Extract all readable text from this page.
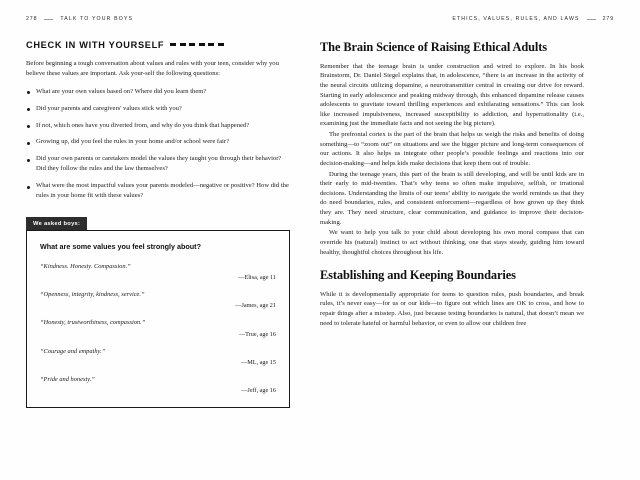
278	TALK TO YOUR BOYS	ETHICS, VALUES, RULES, AND LAWS	279
CHECK IN WITH YOURSELF

Before beginning a tough conversation about values and rules with your teen, consider why you believe these values are important. Ask your-self the following questions:

What are your own values based on? Where did you learn them?
Did your parents and caregivers' values stick with you?
If not, which ones have you diverted from, and why do you think that happened?
Growing up, did you feel the rules in your home and/or school were fair?
Did your own parents or caretakers model the values they taught you through their behavior? Did they follow the rules and the law themselves?
What were the most impactful values your parents modeled—negative or positive? How did the rules in your home fit with these values?
We asked boys:
What are some values you feel strongly about?

“Kindness. Honesty. Compassion.”

—Elisa, age 11

“Openness, integrity, kindness, service.”

—James, age 21

“Honesty, trustworthiness, compassion.”

—True, age 16

“Courage and empathy.”

—ML, age 15

“Pride and honesty.”

—Jeff, age 16

The Brain Science of Raising Ethical Adults

Remember that the teenage brain is under construction and wired to explore. In his book Brainstorm, Dr. Daniel Siegel explains that, in adolescence, “there is an increase in the activity of the neural circuits utilizing dopamine, a neurotransmitter central in creating our drive for reward. Starting in early adolescence and peaking midway through, this enhanced dopamine release causes adolescents to gravitate toward thrilling experiences and exhilarating sensations.” This can look like increased impulsiveness, increased susceptibility to addiction, and hyperrationality (i.e., examining just the immediate facts and not seeing the big picture).

The prefrontal cortex is the part of the brain that helps us weigh the risks and benefits of doing something—to “zoom out” on situations and see the bigger picture and long-term consequences of our actions. It also helps us integrate other people’s possible feelings and reactions into our decision-making—and helps kids make decisions that keep them out of trouble.

During the teenage years, this part of the brain is still developing, and will be until kids are in their early to mid-twenties. That’s why teens so often make impulsive, selfish, or irrational decisions. Understanding the limits of our teens’ ability to navigate the world reminds us that they do need boundaries, rules, and consistent enforcement—regardless of how grown up they think they are. They need structure, clear communication, and guidance to improve their decision-making.

We want to help you talk to your child about developing his own moral compass that can override his (natural) instinct to act without thinking, one that stays steady, guiding him toward healthy, thoughtful choices throughout his life.

Establishing and Keeping Boundaries

While it is developmentally appropriate for teens to question rules, push boundaries, and break rules, it’s never easy—for us or our kids—to figure out which lines are OK to cross, and how to repair things after a misstep. Also, just because testing boundaries is natural, that doesn’t mean we need to tolerate hateful or harmful behavior, or even to allow our children free
